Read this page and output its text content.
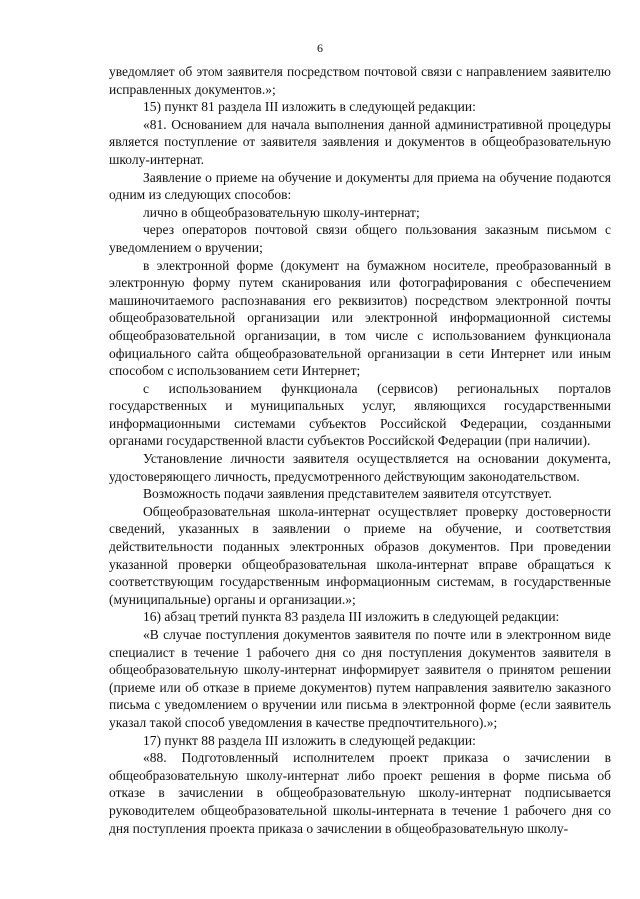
6

уведомляет об этом заявителя посредством почтовой связи с направлением заявителю исправленных документов.»;

15) пункт 81 раздела III изложить в следующей редакции:

«81. Основанием для начала выполнения данной административной процедуры является поступление от заявителя заявления и документов в общеобразовательную школу-интернат.

Заявление о приеме на обучение и документы для приема на обучение подаются одним из следующих способов:

лично в общеобразовательную школу-интернат;

через операторов почтовой связи общего пользования заказным письмом с уведомлением о вручении;

в электронной форме (документ на бумажном носителе, преобразованный в электронную форму путем сканирования или фотографирования с обеспечением машиночитаемого распознавания его реквизитов) посредством электронной почты общеобразовательной организации или электронной информационной системы общеобразовательной организации, в том числе с использованием функционала официального сайта общеобразовательной организации в сети Интернет или иным способом с использованием сети Интернет;

с использованием функционала (сервисов) региональных порталов государственных и муниципальных услуг, являющихся государственными информационными системами субъектов Российской Федерации, созданными органами государственной власти субъектов Российской Федерации (при наличии).

Установление личности заявителя осуществляется на основании документа, удостоверяющего личность, предусмотренного действующим законодательством.

Возможность подачи заявления представителем заявителя отсутствует.

Общеобразовательная школа-интернат осуществляет проверку достоверности сведений, указанных в заявлении о приеме на обучение, и соответствия действительности поданных электронных образов документов. При проведении указанной проверки общеобразовательная школа-интернат вправе обращаться к соответствующим государственным информационным системам, в государственные (муниципальные) органы и организации.»;

16) абзац третий пункта 83 раздела III изложить в следующей редакции:

«В случае поступления документов заявителя по почте или в электронном виде специалист в течение 1 рабочего дня со дня поступления документов заявителя в общеобразовательную школу-интернат информирует заявителя о принятом решении (приеме или об отказе в приеме документов) путем направления заявителю заказного письма с уведомлением о вручении или письма в электронной форме (если заявитель указал такой способ уведомления в качестве предпочтительного).»;

17) пункт 88 раздела III изложить в следующей редакции:

«88. Подготовленный исполнителем проект приказа о зачислении в общеобразовательную школу-интернат либо проект решения в форме письма об отказе в зачислении в общеобразовательную школу-интернат подписывается руководителем общеобразовательной школы-интерната в течение 1 рабочего дня со дня поступления проекта приказа о зачислении в общеобразовательную школу-
